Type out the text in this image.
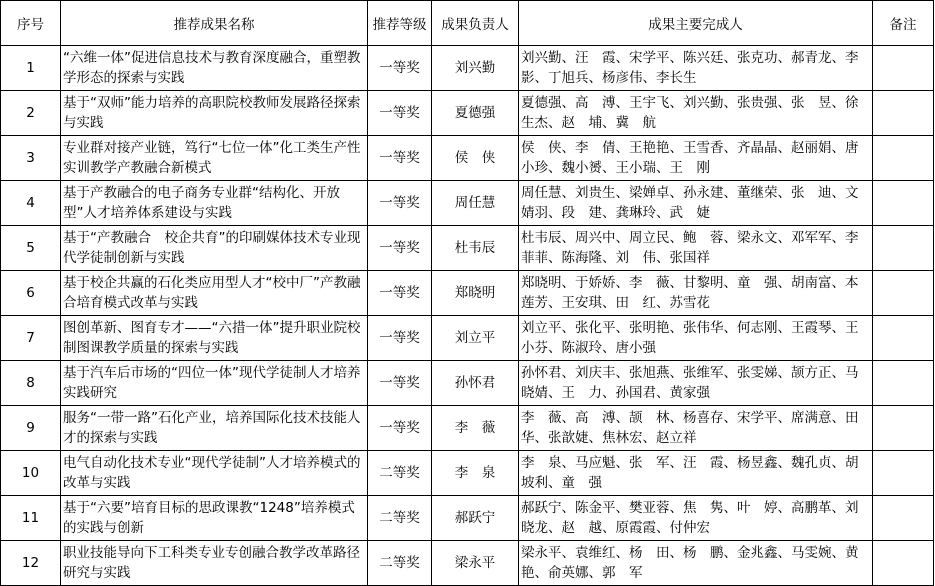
序号	推荐成果名称	推荐等级	成果负责人	成果主要完成人	备注
1	“六维一体”促进信息技术与教育深度融合，重塑教学形态的探索与实践	一等奖	刘兴勤	刘兴勤、汪　霞、宋学平、陈兴廷、张克功、郝青龙、李　影、丁旭兵、杨彦伟、李长生	
2	基于“双师”能力培养的高职院校教师发展路径探索与实践	一等奖	夏德强	夏德强、高　溥、王宇飞、刘兴勤、张贵强、张　昱、徐生杰、赵　埔、冀　航	
3	专业群对接产业链，笃行“七位一体”化工类生产性实训教学产教融合新模式	一等奖	侯　侠	侯　侠、李　倩、王艳艳、王雪香、齐晶晶、赵丽娟、唐小珍、魏小赟、王小瑞、王　刚	
4	基于产教融合的电子商务专业群“结构化、开放型”人才培养体系建设与实践	一等奖	周任慧	周任慧、刘贵生、梁婵卓、孙永建、董继荣、张　迪、文婧羽、段　建、龚琳玲、武　婕	
5	基于“产教融合　校企共育”的印刷媒体技术专业现代学徒制创新与实践	一等奖	杜韦辰	杜韦辰、周兴中、周立民、鲍　蓉、梁永文、邓军军、李菲菲、陈海隆、刘　伟、张国祥	
6	基于校企共赢的石化类应用型人才“校中厂”产教融合培育模式改革与实践	一等奖	郑晓明	郑晓明、于娇娇、李　薇、甘黎明、童　强、胡南富、本莲芳、王安琪、田　红、苏雪花	
7	图创革新、图育专才——“六措一体”提升职业院校制图课教学质量的探索与实践	一等奖	刘立平	刘立平、张化平、张明艳、张伟华、何志刚、王霞琴、王小芬、陈淑玲、唐小强	
8	基于汽车后市场的“四位一体”现代学徒制人才培养实践研究	一等奖	孙怀君	孙怀君、刘庆丰、张旭燕、张维军、张雯娣、颉方正、马晓婧、王　力、孙国君、黄家强	
9	服务“一带一路”石化产业，培养国际化技术技能人才的探索与实践	一等奖	李　薇	李　薇、高　溥、颉　林、杨喜存、宋学平、席满意、田　华、张歆婕、焦林宏、赵立祥	
10	电气自动化技术专业“现代学徒制”人才培养模式的改革与实践	二等奖	李　泉	李　泉、马应魁、张　军、汪　霞、杨昱鑫、魏孔贞、胡坡利、童　强	
11	基于“六要”培育目标的思政课教“1248”培养模式的实践与创新	二等奖	郝跃宁	郝跃宁、陈金平、樊亚蓉、焦　隽、叶　婷、高鹏革、刘晓龙、赵　越、原霞霞、付仲宏	
12	职业技能导向下工科类专业专创融合教学改革路径研究与实践	二等奖	梁永平	梁永平、袁维红、杨　田、杨　鹏、金兆鑫、马雯婉、黄　艳、俞英娜、郭　军	
